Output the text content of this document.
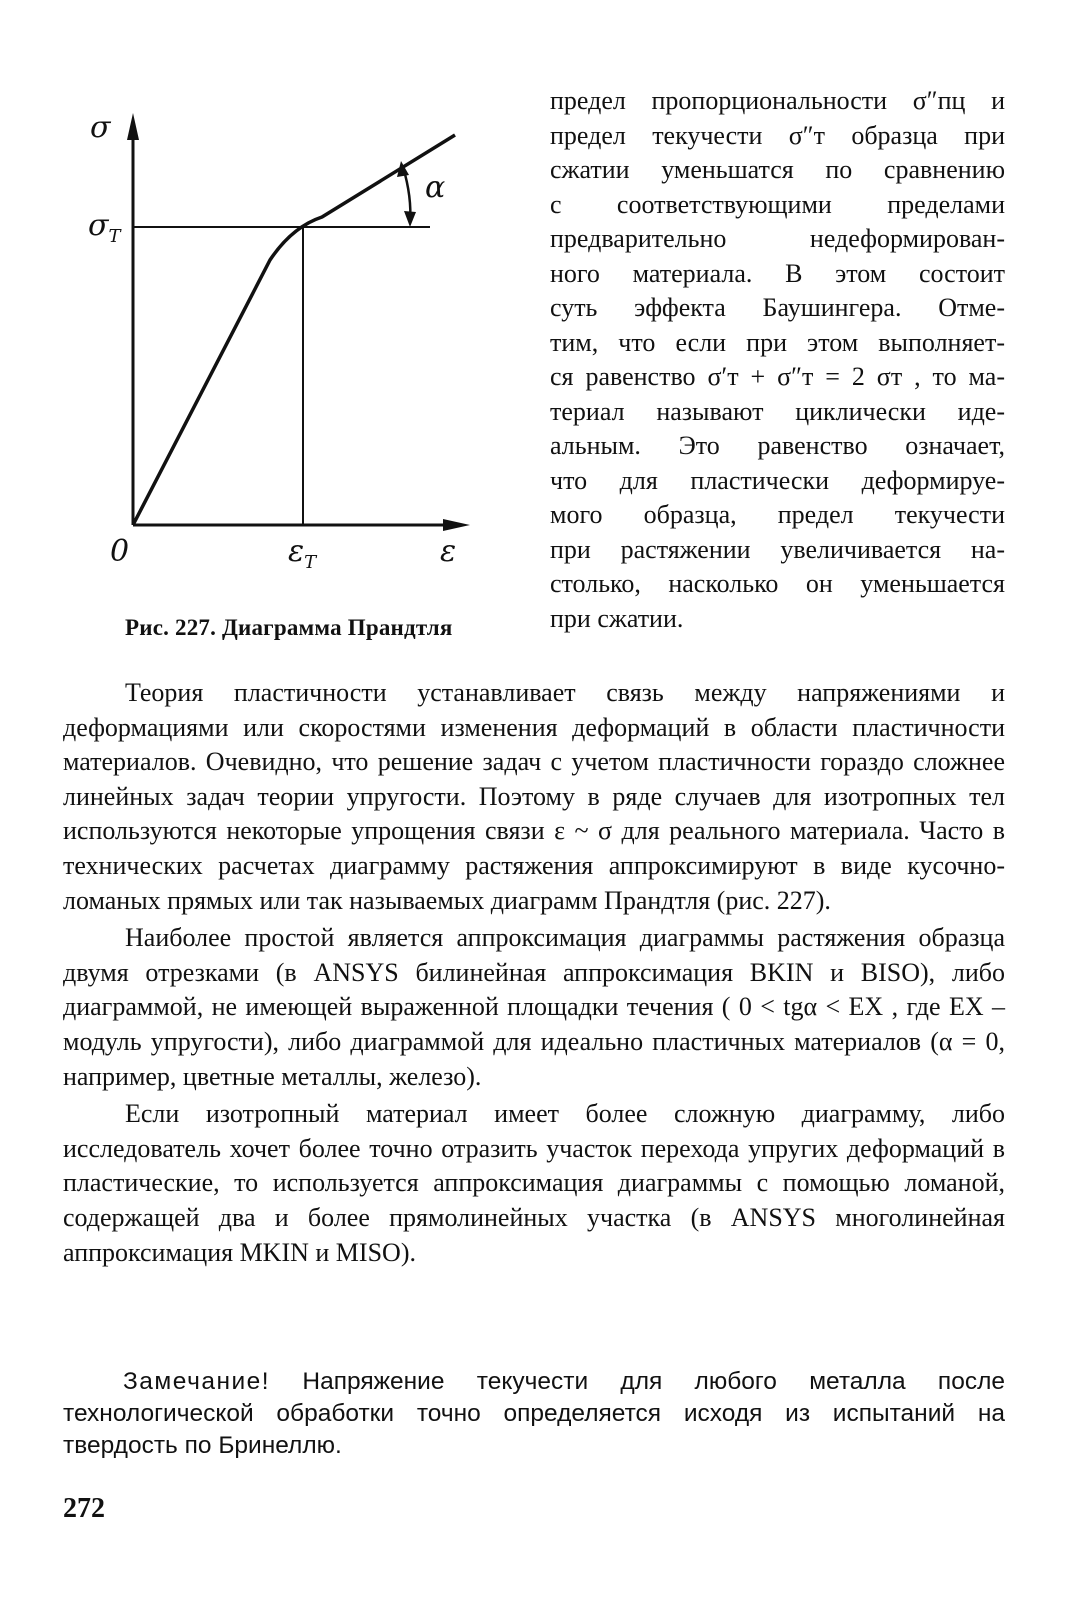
σ
$\sigma_T$
α
0	$\varepsilon_T$	ε
Рис. 227. Диаграмма Прандтля
предел пропорциональности σ″пц и
предел текучести σ″т образца при
сжатии уменьшатся по сравнению
с соответствующими пределами
предварительно недеформирован-
ного материала. В этом состоит
суть эффекта Баушингера. Отме-
тим, что если при этом выполняет-
ся равенство σ′т + σ″т = 2 σт , то ма-
териал называют циклически иде-
альным. Это равенство означает,
что для пластически деформируе-
мого образца, предел текучести
при растяжении увеличивается на-
столько, насколько он уменьшается
при сжатии.

Теория пластичности устанавливает связь между напряжениями и деформациями или скоростями изменения деформаций в области пластичности материалов. Очевидно, что решение задач с учетом пластичности гораздо сложнее линейных задач теории упругости. Поэтому в ряде случаев для изотропных тел используются некоторые упрощения связи ε ~ σ для реального материала. Часто в технических расчетах диаграмму растяжения аппроксимируют в виде кусочно-ломаных прямых или так называемых диаграмм Прандтля (рис. 227).

Наиболее простой является аппроксимация диаграммы растяжения образца двумя отрезками (в ANSYS билинейная аппроксимация BKIN и BISO), либо диаграммой, не имеющей выраженной площадки течения ( 0 < tgα < EX , где EX – модуль упругости), либо диаграммой для идеально пластичных материалов (α = 0, например, цветные металлы, железо).

Если изотропный материал имеет более сложную диаграмму, либо исследователь хочет более точно отразить участок перехода упругих деформаций в пластические, то используется аппроксимация диаграммы с помощью ломаной, содержащей два и более прямолинейных участка (в ANSYS многолинейная аппроксимация MKIN и MISO).

Замечание! Напряжение текучести для любого металла после технологической обработки точно определяется исходя из испытаний на твердость по Бринеллю.
272
